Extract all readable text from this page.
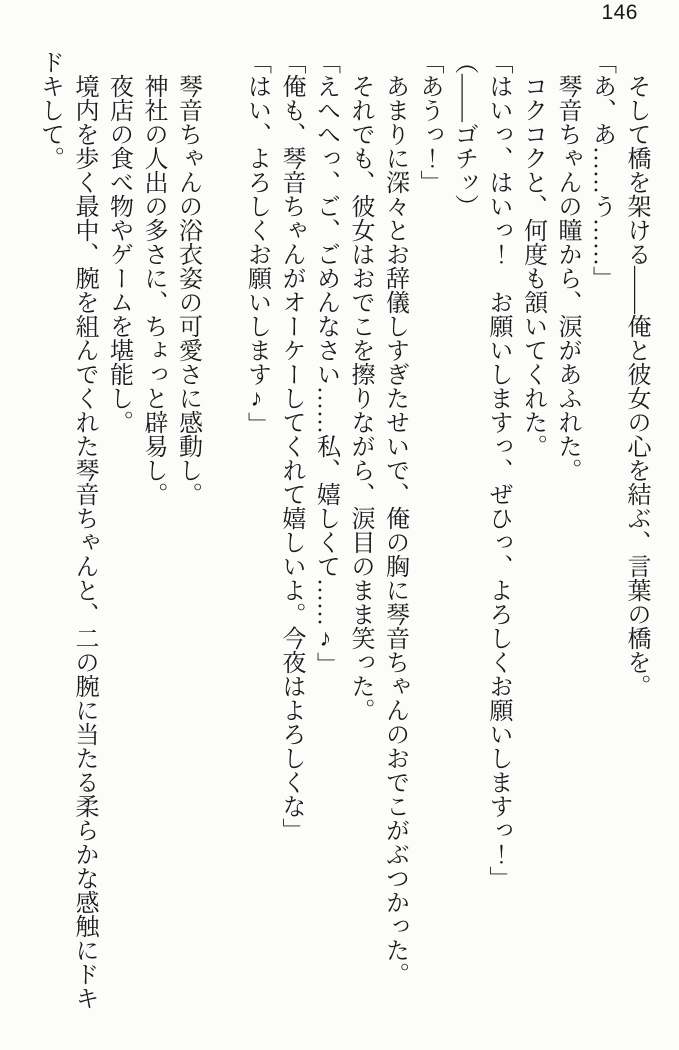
146

そして橋を架ける――俺と彼女の心を結ぶ、言葉の橋を。

「あ、あ……う……」

琴音ちゃんの瞳から、涙があふれた。

コクコクと、何度も頷いてくれた。

「はいっ、はいっ！　お願いしますっ、ぜひっ、よろしくお願いしますっ！」

（――ゴチッ）

「あうっ！」

あまりに深々とお辞儀しすぎたせいで、俺の胸に琴音ちゃんのおでこがぶつかった。

それでも、彼女はおでこを擦りながら、涙目のまま笑った。

「えへへっ、ご、ごめんなさい……私、嬉しくて……♪」

「俺も、琴音ちゃんがオーケーしてくれて嬉しいよ。今夜はよろしくな」

「はい、よろしくお願いします♪」

琴音ちゃんの浴衣姿の可愛さに感動し。

神社の人出の多さに、ちょっと辟易し。

夜店の食べ物やゲームを堪能し。

境内を歩く最中、腕を組んでくれた琴音ちゃんと、二の腕に当たる柔らかな感触にドキドキして。
